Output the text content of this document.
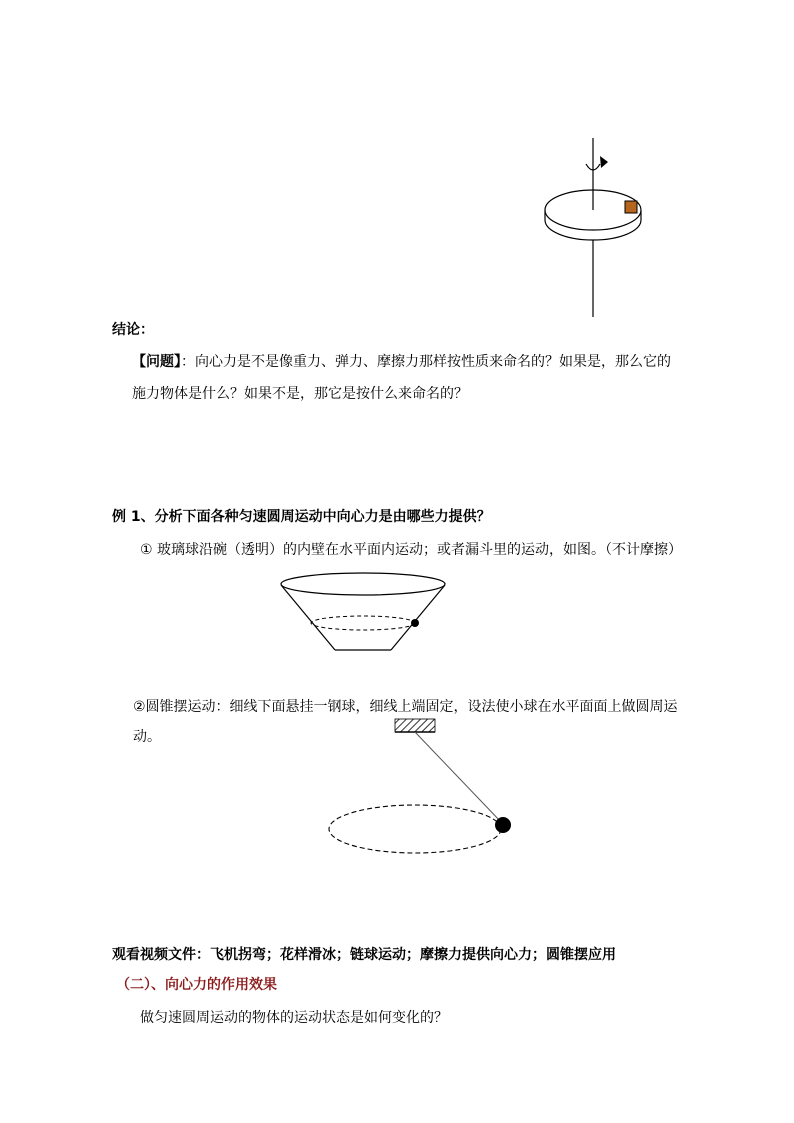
结论：
【问题】：向心力是不是像重力、弹力、摩擦力那样按性质来命名的？如果是，那么它的
施力物体是什么？如果不是，那它是按什么来命名的？
例 1、分析下面各种匀速圆周运动中向心力是由哪些力提供？
① 玻璃球沿碗（透明）的内壁在水平面内运动；或者漏斗里的运动，如图。（不计摩擦）
②圆锥摆运动：细线下面悬挂一钢球，细线上端固定，设法使小球在水平面面上做圆周运
动。
观看视频文件：飞机拐弯；花样滑冰；链球运动；摩擦力提供向心力；圆锥摆应用
（二）、向心力的作用效果
做匀速圆周运动的物体的运动状态是如何变化的？
